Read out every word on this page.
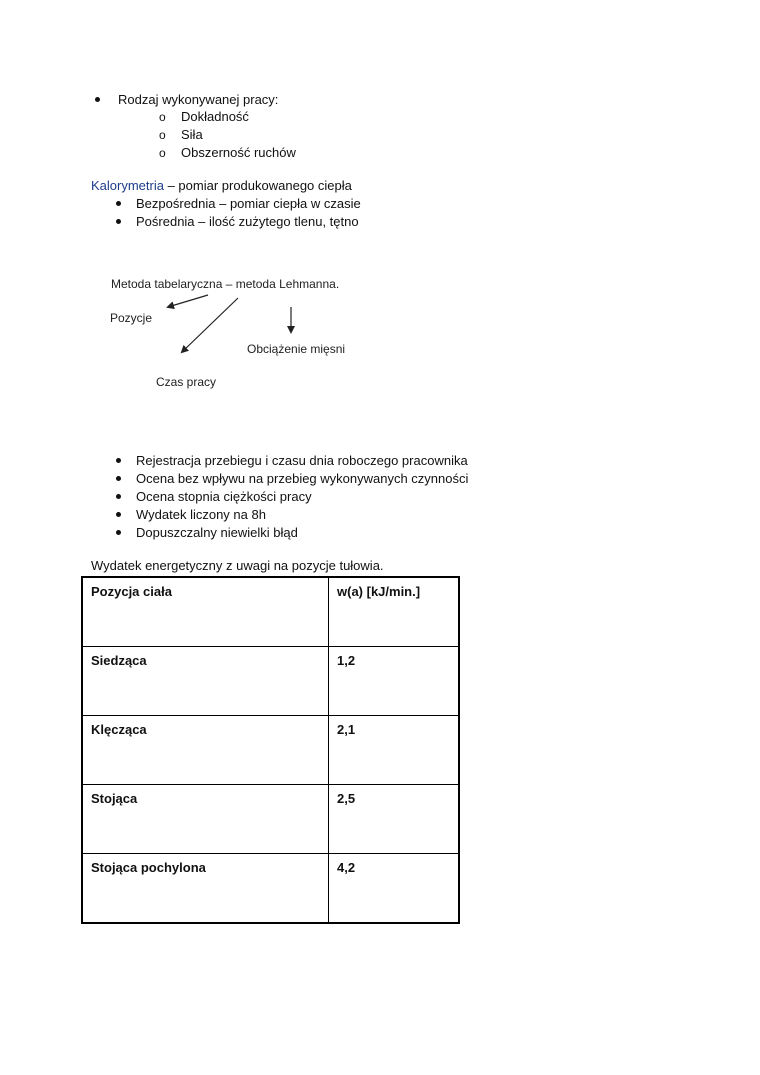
Rodzaj wykonywanej pracy:
o Dokładność
o Siła
o Obszerność ruchów
Kalorymetria – pomiar produkowanego ciepła
Bezpośrednia – pomiar ciepła w czasie
Pośrednia – ilość zużytego tlenu, tętno
Metoda tabelaryczna – metoda Lehmanna.
Pozycje
Obciążenie mięsni
Czas pracy
Rejestracja przebiegu i czasu dnia roboczego pracownika
Ocena bez wpływu na przebieg wykonywanych czynności
Ocena stopnia ciężkości pracy
Wydatek liczony na 8h
Dopuszczalny niewielki błąd
Wydatek energetyczny z uwagi na pozycje tułowia.
Pozycja ciała	w(a) [kJ/min.]
Siedząca	1,2
Klęcząca	2,1
Stojąca	2,5
Stojąca pochylona	4,2
